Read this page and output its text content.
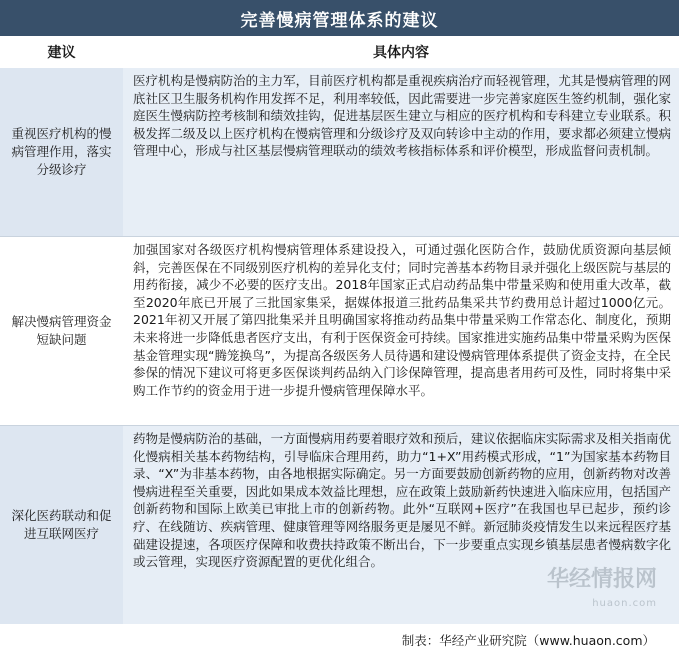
完善慢病管理体系的建议
建议	具体内容
重视医疗机构的慢病管理作用，落实分级诊疗
医疗机构是慢病防治的主力军，目前医疗机构都是重视疾病治疗而轻视管理，尤其是慢病管理的网底社区卫生服务机构作用发挥不足，利用率较低，因此需要进一步完善家庭医生签约机制，强化家庭医生慢病防控考核制和绩效挂钩，促进基层医生建立与相应的医疗机构和专科建立专业联系。积极发挥二级及以上医疗机构在慢病管理和分级诊疗及双向转诊中主动的作用，要求都必须建立慢病管理中心，形成与社区基层慢病管理联动的绩效考核指标体系和评价模型，形成监督问责机制。
解决慢病管理资金短缺问题
加强国家对各级医疗机构慢病管理体系建设投入，可通过强化医防合作，鼓励优质资源向基层倾斜，完善医保在不同级别医疗机构的差异化支付；同时完善基本药物目录并强化上级医院与基层的用药衔接，减少不必要的医疗支出。2018年国家正式启动药品集中带量采购和使用重大改革，截至2020年底已开展了三批国家集采，据媒体报道三批药品集采共节约费用总计超过1000亿元。2021年初又开展了第四批集采并且明确国家将推动药品集中带量采购工作常态化、制度化，预期未来将进一步降低患者医疗支出，有利于医保资金可持续。国家推进实施药品集中带量采购为医保基金管理实现“腾笼换鸟”，为提高各级医务人员待遇和建设慢病管理体系提供了资金支持，在全民参保的情况下建议可将更多医保谈判药品纳入门诊保障管理，提高患者用药可及性，同时将集中采购工作节约的资金用于进一步提升慢病管理保障水平。
深化医药联动和促进互联网医疗
药物是慢病防治的基础，一方面慢病用药要着眼疗效和预后，建议依据临床实际需求及相关指南优化慢病相关基本药物结构，引导临床合理用药，助力“1+X”用药模式形成，“1”为国家基本药物目录、“X”为非基本药物，由各地根据实际确定。另一方面要鼓励创新药物的应用，创新药物对改善慢病进程至关重要，因此如果成本效益比理想，应在政策上鼓励新药快速进入临床应用，包括国产创新药物和国际上欧美已审批上市的创新药物。此外“互联网+医疗”在我国也早已起步，预约诊疗、在线随访、疾病管理、健康管理等网络服务更是屡见不鲜。新冠肺炎疫情发生以来远程医疗基础建设提速，各项医疗保障和收费扶持政策不断出台，下一步要重点实现乡镇基层患者慢病数字化或云管理，实现医疗资源配置的更优化组合。
华经情报网
huaon.com
制表：华经产业研究院（www.huaon.com）
